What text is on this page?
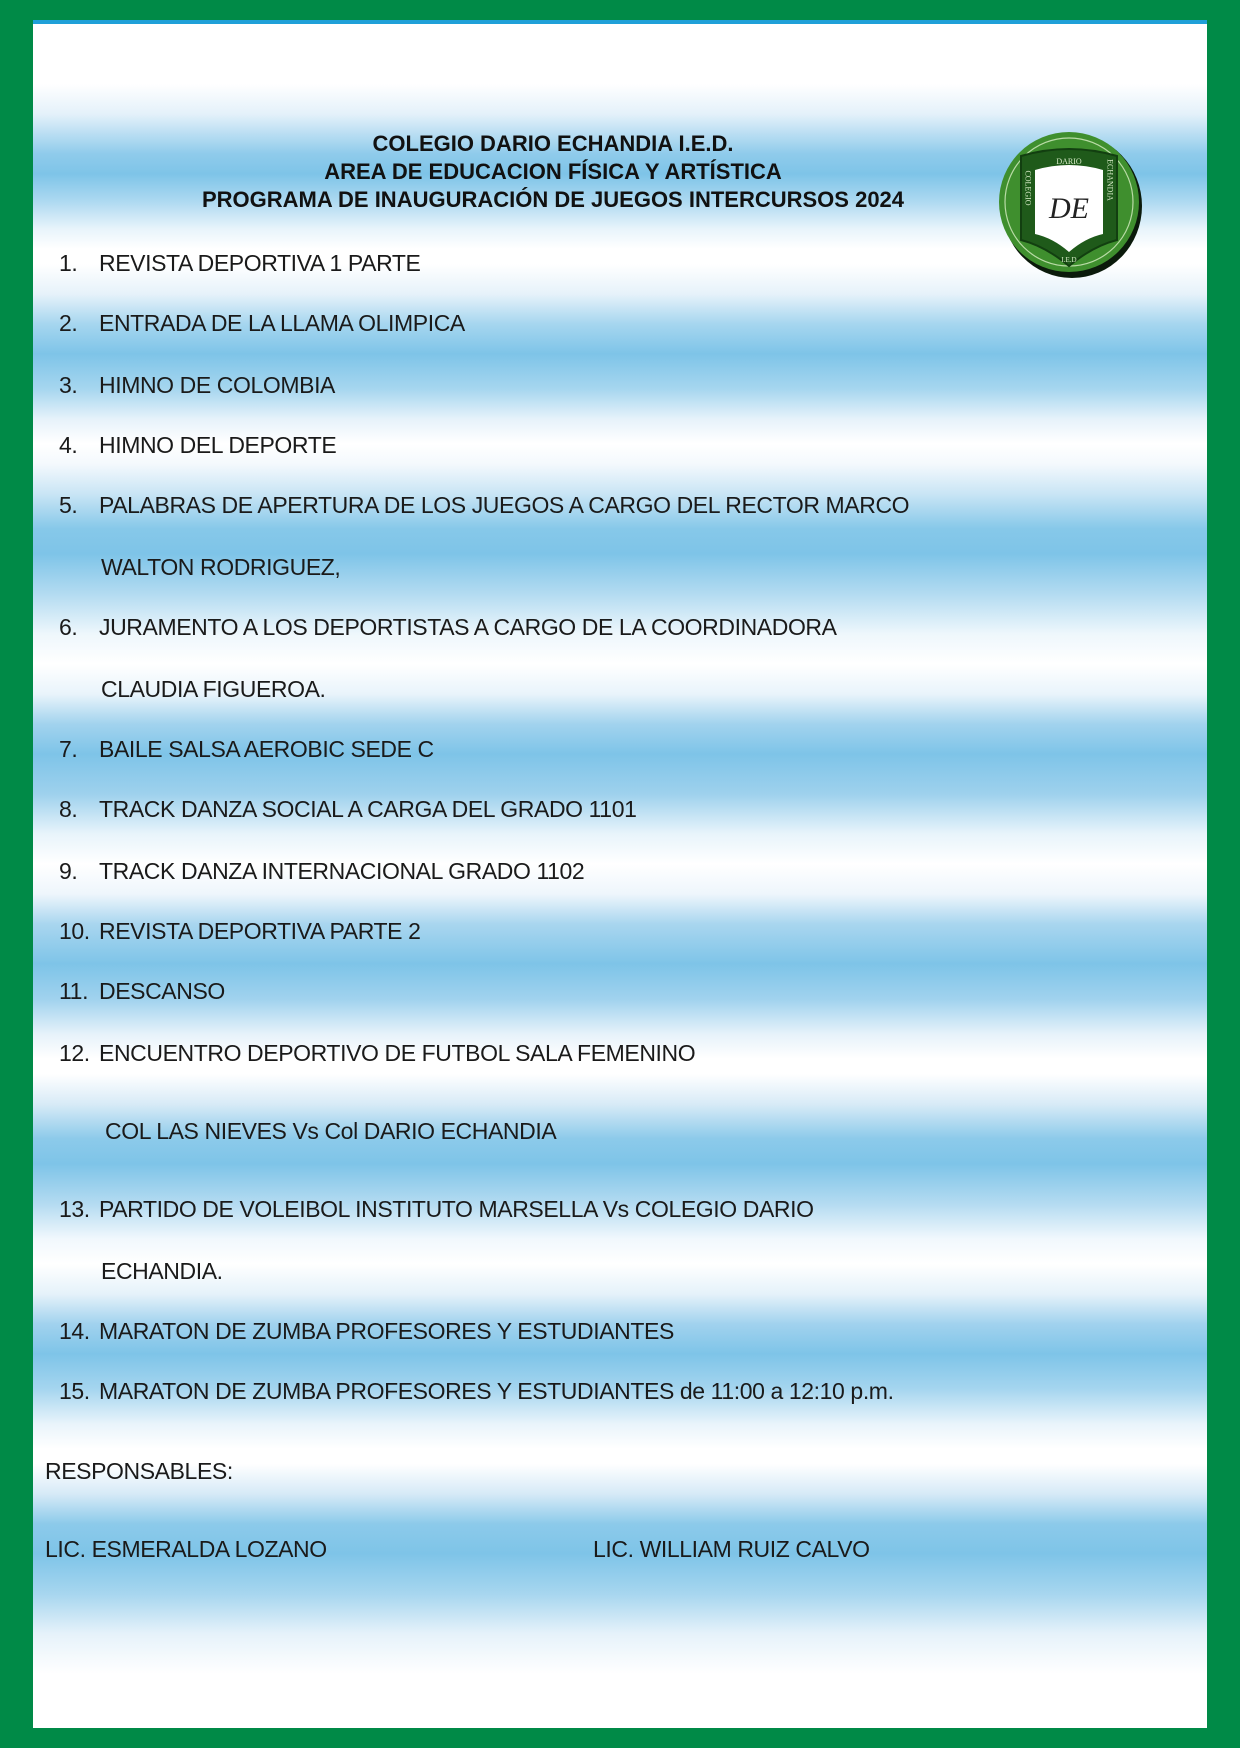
COLEGIO DARIO ECHANDIA I.E.D.
AREA DE EDUCACION FÍSICA Y ARTÍSTICA
PROGRAMA DE INAUGURACIÓN DE JUEGOS INTERCURSOS 2024
DARIO
COLEGIO	ECHANDIA
I.E.D
DE
1. REVISTA DEPORTIVA 1 PARTE
2. ENTRADA DE LA LLAMA OLIMPICA
3. HIMNO DE COLOMBIA
4. HIMNO DEL DEPORTE
5. PALABRAS DE APERTURA DE LOS JUEGOS A CARGO DEL RECTOR MARCO
WALTON RODRIGUEZ,
6. JURAMENTO A LOS DEPORTISTAS A CARGO DE LA COORDINADORA
CLAUDIA FIGUEROA.
7. BAILE SALSA AEROBIC SEDE C
8. TRACK DANZA SOCIAL A CARGA DEL GRADO 1101
9. TRACK DANZA INTERNACIONAL GRADO 1102
10. REVISTA DEPORTIVA PARTE 2
11. DESCANSO
12. ENCUENTRO DEPORTIVO DE FUTBOL SALA FEMENINO
COL LAS NIEVES Vs Col DARIO ECHANDIA
13. PARTIDO DE VOLEIBOL INSTITUTO MARSELLA Vs COLEGIO DARIO
ECHANDIA.
14. MARATON DE ZUMBA PROFESORES Y ESTUDIANTES
15. MARATON DE ZUMBA PROFESORES Y ESTUDIANTES de 11:00 a 12:10 p.m.
RESPONSABLES:
LIC. ESMERALDA LOZANO	LIC. WILLIAM RUIZ CALVO
